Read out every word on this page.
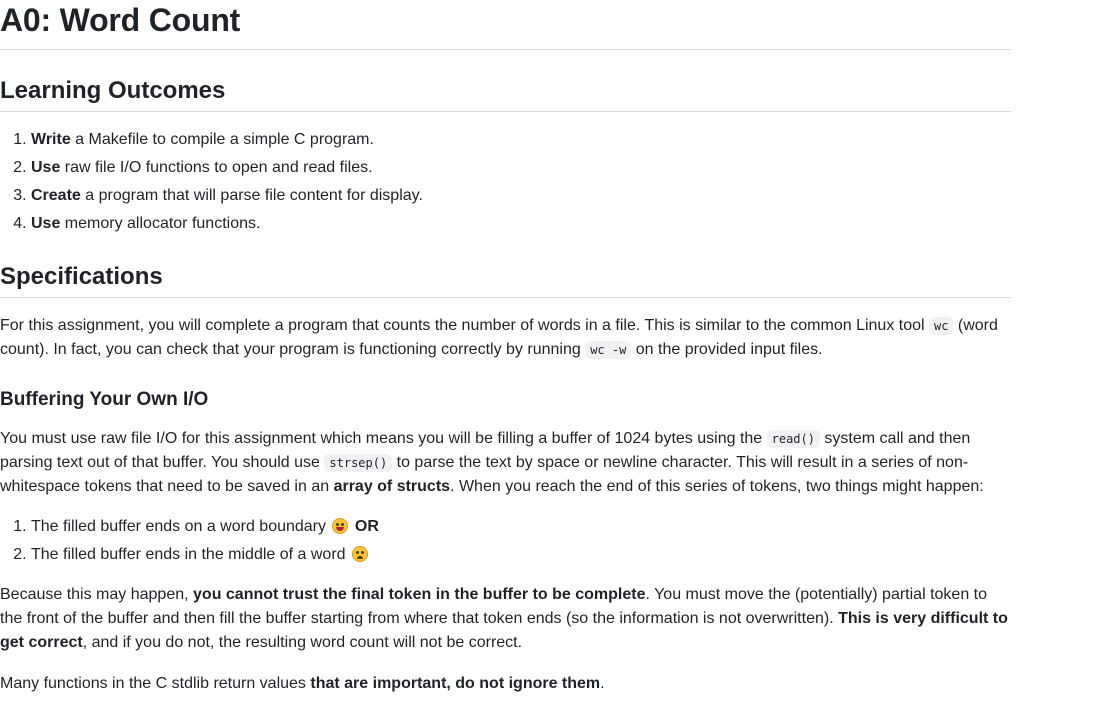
A0: Word Count
Learning Outcomes
1. Write a Makefile to compile a simple C program.
2. Use raw file I/O functions to open and read files.
3. Create a program that will parse file content for display.
4. Use memory allocator functions.
Specifications

For this assignment, you will complete a program that counts the number of words in a file. This is similar to the common Linux tool wc (word count). In fact, you can check that your program is functioning correctly by running wc -w on the provided input files.

Buffering Your Own I/O

You must use raw file I/O for this assignment which means you will be filling a buffer of 1024 bytes using the read() system call and then parsing text out of that buffer. You should use strsep() to parse the text by space or newline character. This will result in a series of non-whitespace tokens that need to be saved in an array of structs. When you reach the end of this series of tokens, two things might happen:

1. The filled buffer ends on a word boundary
OR
2. The filled buffer ends in the middle of a word

Because this may happen, you cannot trust the final token in the buffer to be complete. You must move the (potentially) partial token to the front of the buffer and then fill the buffer starting from where that token ends (so the information is not overwritten). This is very difficult to get correct, and if you do not, the resulting word count will not be correct.

Many functions in the C stdlib return values that are important, do not ignore them.
